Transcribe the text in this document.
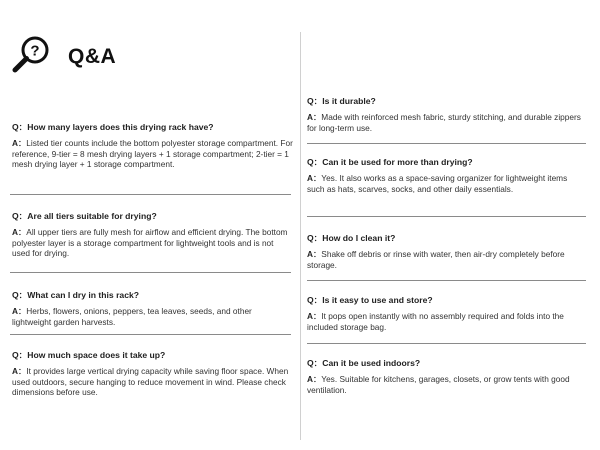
? Q&A
Q：How many layers does this drying rack have?
A：Listed tier counts include the bottom polyester storage compartment. For reference, 9-tier = 8 mesh drying layers + 1 storage compartment; 2-tier = 1 mesh drying layer + 1 storage compartment.
Q：Are all tiers suitable for drying?
A：All upper tiers are fully mesh for airflow and efficient drying. The bottom polyester layer is a storage compartment for lightweight tools and is not used for drying.
Q：What can I dry in this rack?
A：Herbs, flowers, onions, peppers, tea leaves, seeds, and other lightweight garden harvests.
Q：How much space does it take up?
A：It provides large vertical drying capacity while saving floor space. When used outdoors, secure hanging to reduce movement in wind. Please check dimensions before use.
Q：Is it durable?
A：Made with reinforced mesh fabric, sturdy stitching, and durable zippers for long-term use.
Q：Can it be used for more than drying?
A：Yes. It also works as a space-saving organizer for lightweight items such as hats, scarves, socks, and other daily essentials.
Q：How do I clean it?
A：Shake off debris or rinse with water, then air-dry completely before storage.
Q：Is it easy to use and store?
A：It pops open instantly with no assembly required and folds into the included storage bag.
Q：Can it be used indoors?
A：Yes. Suitable for kitchens, garages, closets, or grow tents with good ventilation.
